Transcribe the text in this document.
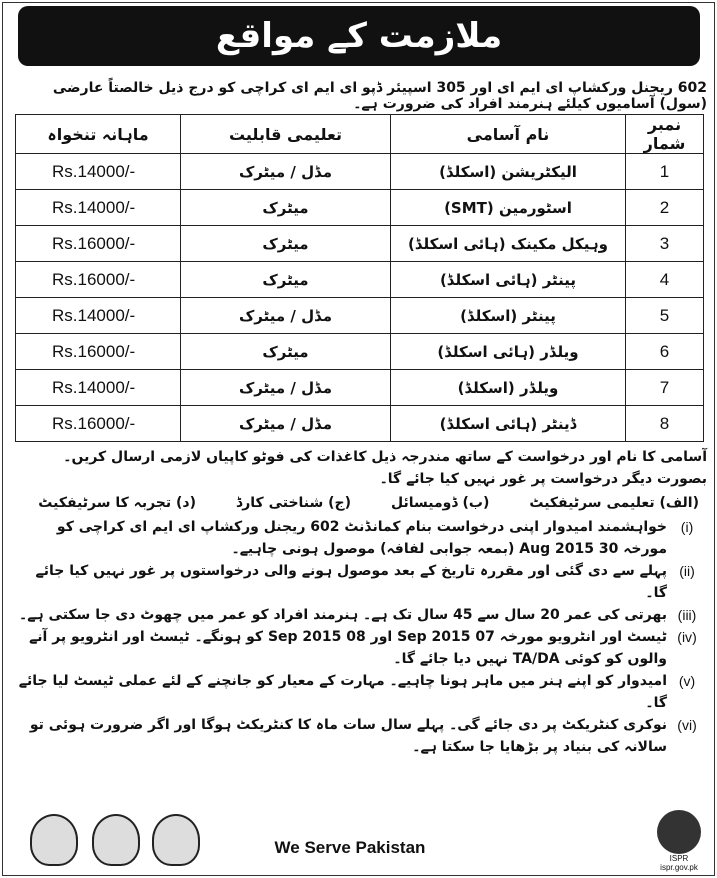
ملازمت کے مواقع
602 ریجنل ورکشاپ ای ایم ای اور 305 اسپیئر ڈپو ای ایم ای کراچی کو درج ذیل خالصتاً عارضی (سول) آسامیوں کیلئے ہنرمند افراد کی ضرورت ہے۔
نمبر شمار	نام آسامی	تعلیمی قابلیت	ماہانہ تنخواہ
1	الیکٹریشن (اسکلڈ)	مڈل / میٹرک	Rs.14000/-
2	اسٹورمین (SMT)	میٹرک	Rs.14000/-
3	وہیکل مکینک (ہائی اسکلڈ)	میٹرک	Rs.16000/-
4	پینٹر (ہائی اسکلڈ)	میٹرک	Rs.16000/-
5	پینٹر (اسکلڈ)	مڈل / میٹرک	Rs.14000/-
6	ویلڈر (ہائی اسکلڈ)	میٹرک	Rs.16000/-
7	ویلڈر (اسکلڈ)	مڈل / میٹرک	Rs.14000/-
8	ڈینٹر (ہائی اسکلڈ)	مڈل / میٹرک	Rs.16000/-
آسامی کا نام اور درخواست کے ساتھ مندرجہ ذیل کاغذات کی فوٹو کاپیاں لازمی ارسال کریں۔ بصورت دیگر درخواست پر غور نہیں کیا جائے گا۔
(الف) تعلیمی سرٹیفکیٹ
(ب) ڈومیسائل
(ج) شناختی کارڈ
(د) تجربہ کا سرٹیفکیٹ
(i)
خواہشمند امیدوار اپنی درخواست بنام کمانڈنٹ 602 ریجنل ورکشاپ ای ایم ای کراچی کو مورخہ 30 Aug 2015 (بمعہ جوابی لفافہ) موصول ہونی چاہیے۔
(ii)
پہلے سے دی گئی اور مقررہ تاریخ کے بعد موصول ہونے والی درخواستوں پر غور نہیں کیا جائے گا۔
(iii)
بھرتی کی عمر 20 سال سے 45 سال تک ہے۔ ہنرمند افراد کو عمر میں چھوٹ دی جا سکتی ہے۔
(iv)
ٹیسٹ اور انٹرویو مورخہ 07 Sep 2015 اور 08 Sep 2015 کو ہونگے۔ ٹیسٹ اور انٹرویو پر آنے والوں کو کوئی TA/DA نہیں دیا جائے گا۔
(v)
امیدوار کو اپنے ہنر میں ماہر ہونا چاہیے۔ مہارت کے معیار کو جانچنے کے لئے عملی ٹیسٹ لیا جائے گا۔
(vi)
نوکری کنٹریکٹ پر دی جائے گی۔ پہلے سال سات ماہ کا کنٹریکٹ ہوگا اور اگر ضرورت ہوئی تو سالانہ کی بنیاد پر بڑھایا جا سکتا ہے۔
We Serve Pakistan
ISPR
ispr.gov.pk
